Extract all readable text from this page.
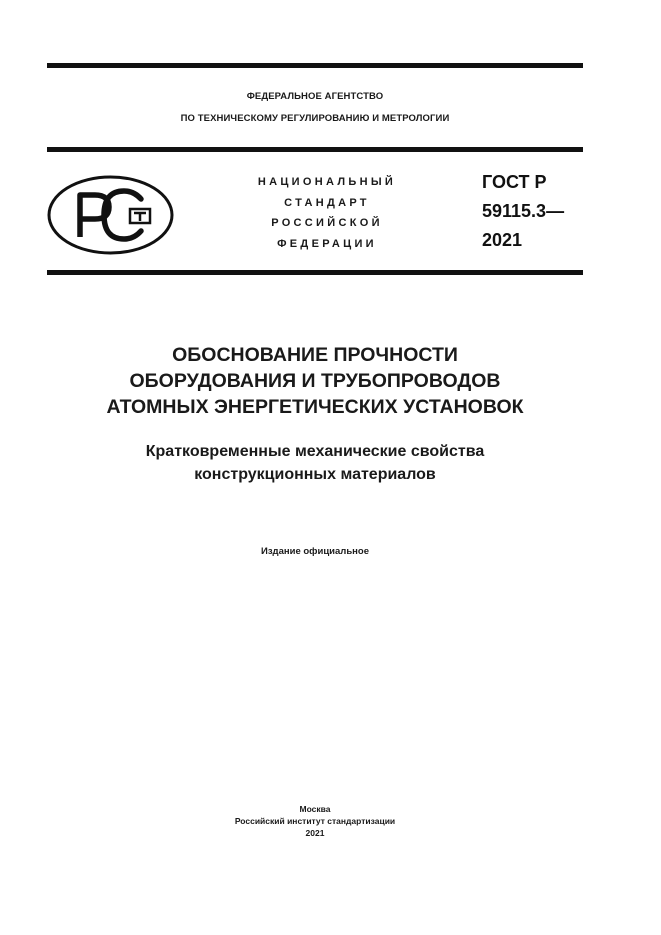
ФЕДЕРАЛЬНОЕ АГЕНТСТВО
ПО ТЕХНИЧЕСКОМУ РЕГУЛИРОВАНИЮ И МЕТРОЛОГИИ
НАЦИОНАЛЬНЫЙ
СТАНДАРТ
РОССИЙСКОЙ
ФЕДЕРАЦИИ
ГОСТ Р
59115.3—
2021
ОБОСНОВАНИЕ ПРОЧНОСТИ
ОБОРУДОВАНИЯ И ТРУБОПРОВОДОВ
АТОМНЫХ ЭНЕРГЕТИЧЕСКИХ УСТАНОВОК
Кратковременные механические свойства
конструкционных материалов
Издание официальное
Москва
Российский институт стандартизации
2021
